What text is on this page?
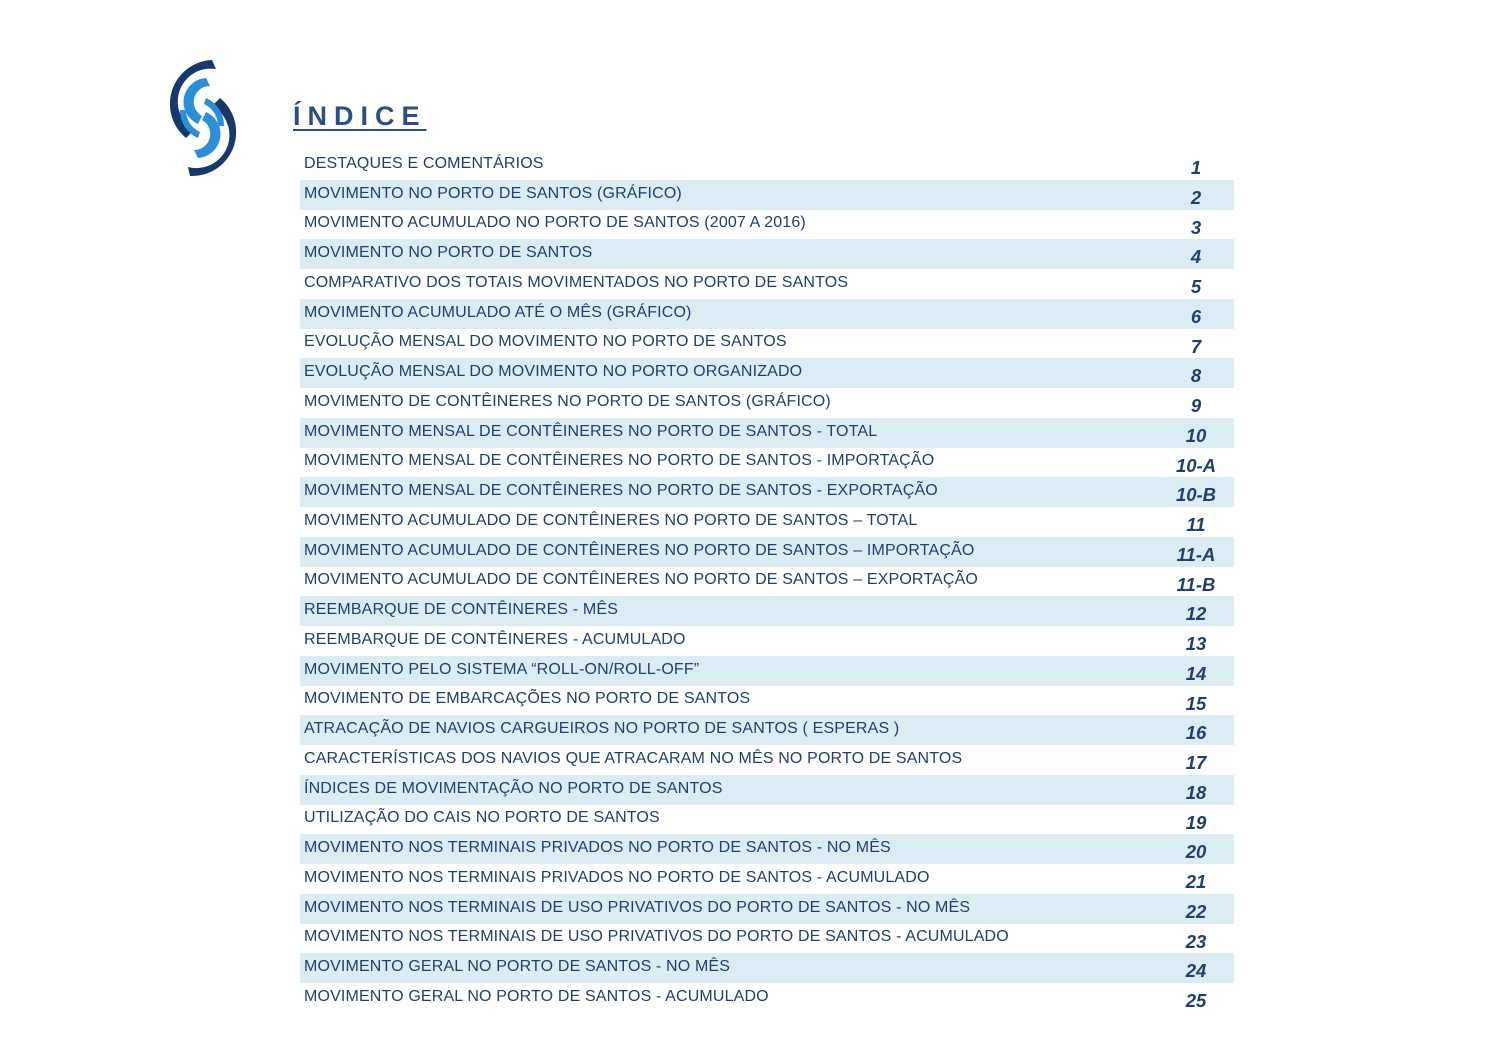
ÍNDICE
DESTAQUES E COMENTÁRIOS	1
MOVIMENTO NO PORTO DE SANTOS (GRÁFICO)	2
MOVIMENTO ACUMULADO NO PORTO DE SANTOS (2007 A 2016)	3
MOVIMENTO NO PORTO DE SANTOS	4
COMPARATIVO DOS TOTAIS MOVIMENTADOS NO PORTO DE SANTOS	5
MOVIMENTO ACUMULADO ATÉ O MÊS (GRÁFICO)	6
EVOLUÇÃO MENSAL DO MOVIMENTO NO PORTO DE SANTOS	7
EVOLUÇÃO MENSAL DO MOVIMENTO NO PORTO ORGANIZADO	8
MOVIMENTO DE CONTÊINERES NO PORTO DE SANTOS (GRÁFICO)	9
MOVIMENTO MENSAL DE CONTÊINERES NO PORTO DE SANTOS - TOTAL	10
MOVIMENTO MENSAL DE CONTÊINERES NO PORTO DE SANTOS - IMPORTAÇÃO	10-A
MOVIMENTO MENSAL DE CONTÊINERES NO PORTO DE SANTOS - EXPORTAÇÃO	10-B
MOVIMENTO ACUMULADO DE CONTÊINERES NO PORTO DE SANTOS – TOTAL	11
MOVIMENTO ACUMULADO DE CONTÊINERES NO PORTO DE SANTOS – IMPORTAÇÃO	11-A
MOVIMENTO ACUMULADO DE CONTÊINERES NO PORTO DE SANTOS – EXPORTAÇÃO	11-B
REEMBARQUE DE CONTÊINERES - MÊS	12
REEMBARQUE DE CONTÊINERES - ACUMULADO	13
MOVIMENTO PELO SISTEMA “ROLL-ON/ROLL-OFF”	14
MOVIMENTO DE EMBARCAÇÕES NO PORTO DE SANTOS	15
ATRACAÇÃO DE NAVIOS CARGUEIROS NO PORTO DE SANTOS ( ESPERAS )	16
CARACTERÍSTICAS DOS NAVIOS QUE ATRACARAM NO MÊS NO PORTO DE SANTOS	17
ÍNDICES DE MOVIMENTAÇÃO NO PORTO DE SANTOS	18
UTILIZAÇÃO DO CAIS NO PORTO DE SANTOS	19
MOVIMENTO NOS TERMINAIS PRIVADOS NO PORTO DE SANTOS - NO MÊS	20
MOVIMENTO NOS TERMINAIS PRIVADOS NO PORTO DE SANTOS - ACUMULADO	21
MOVIMENTO NOS TERMINAIS DE USO PRIVATIVOS DO PORTO DE SANTOS - NO MÊS	22
MOVIMENTO NOS TERMINAIS DE USO PRIVATIVOS DO PORTO DE SANTOS - ACUMULADO	23
MOVIMENTO GERAL NO PORTO DE SANTOS - NO MÊS	24
MOVIMENTO GERAL NO PORTO DE SANTOS - ACUMULADO	25
